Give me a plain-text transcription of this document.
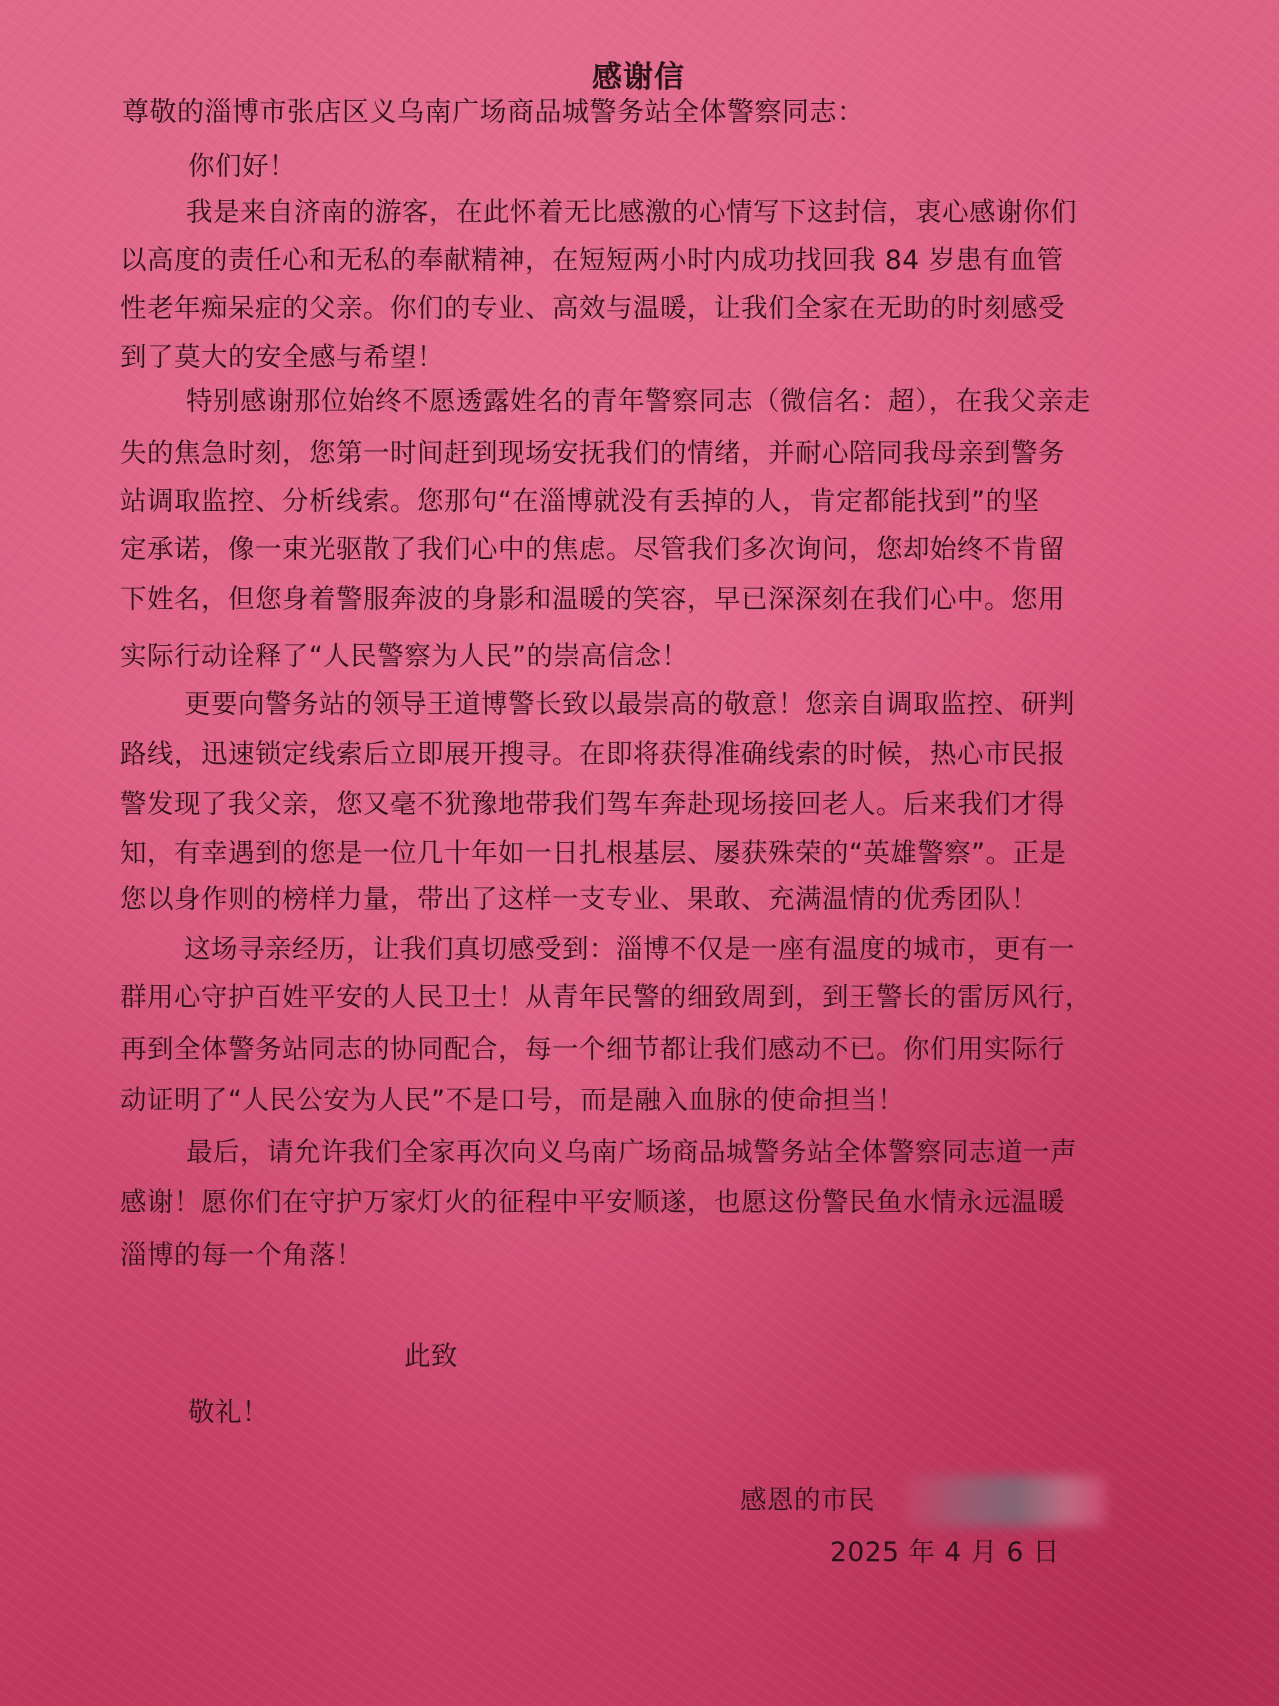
感谢信
尊敬的淄博市张店区义乌南广场商品城警务站全体警察同志：
你们好！
我是来自济南的游客，在此怀着无比感激的心情写下这封信，衷心感谢你们
以高度的责任心和无私的奉献精神，在短短两小时内成功找回我 84 岁患有血管
性老年痴呆症的父亲。你们的专业、高效与温暖，让我们全家在无助的时刻感受
到了莫大的安全感与希望！
特别感谢那位始终不愿透露姓名的青年警察同志（微信名：超），在我父亲走
失的焦急时刻，您第一时间赶到现场安抚我们的情绪，并耐心陪同我母亲到警务
站调取监控、分析线索。您那句“在淄博就没有丢掉的人，肯定都能找到”的坚
定承诺，像一束光驱散了我们心中的焦虑。尽管我们多次询问，您却始终不肯留
下姓名，但您身着警服奔波的身影和温暖的笑容，早已深深刻在我们心中。您用
实际行动诠释了“人民警察为人民”的崇高信念！
更要向警务站的领导王道博警长致以最崇高的敬意！您亲自调取监控、研判
路线，迅速锁定线索后立即展开搜寻。在即将获得准确线索的时候，热心市民报
警发现了我父亲，您又毫不犹豫地带我们驾车奔赴现场接回老人。后来我们才得
知，有幸遇到的您是一位几十年如一日扎根基层、屡获殊荣的“英雄警察”。正是
您以身作则的榜样力量，带出了这样一支专业、果敢、充满温情的优秀团队！
这场寻亲经历，让我们真切感受到：淄博不仅是一座有温度的城市，更有一
群用心守护百姓平安的人民卫士！从青年民警的细致周到，到王警长的雷厉风行，
再到全体警务站同志的协同配合，每一个细节都让我们感动不已。你们用实际行
动证明了“人民公安为人民”不是口号，而是融入血脉的使命担当！
最后，请允许我们全家再次向义乌南广场商品城警务站全体警察同志道一声
感谢！愿你们在守护万家灯火的征程中平安顺遂，也愿这份警民鱼水情永远温暖
淄博的每一个角落！
此致
敬礼！
感恩的市民
2025 年 4 月 6 日
